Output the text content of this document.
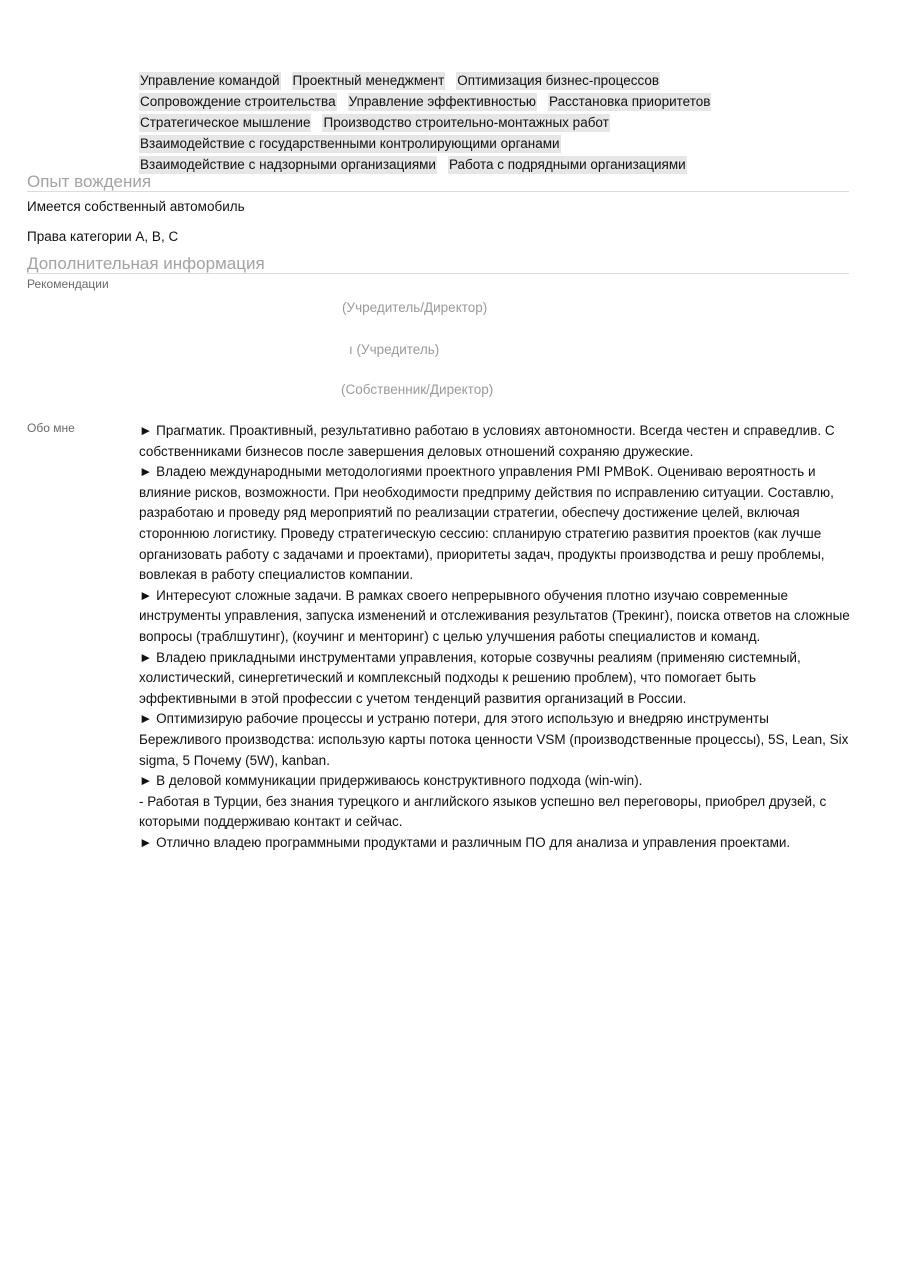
Управление командой Проектный менеджмент Оптимизация бизнес-процессов
Сопровождение строительства Управление эффективностью Расстановка приоритетов
Стратегическое мышление Производство строительно-монтажных работ
Взаимодействие с государственными контролирующими органами
Взаимодействие с надзорными организациями Работа с подрядными организациями
Опыт вождения
Имеется собственный автомобиль
Права категории A, B, C
Дополнительная информация
Рекомендации
(Учредитель/Директор)
ı (Учредитель)
(Собственник/Директор)
Обо мне	► Прагматик. Проактивный, результативно работаю в условиях автономности. Всегда честен и справедлив. С собственниками бизнесов после завершения деловых отношений сохраняю дружеские.

► Владею международными методологиями проектного управления PMI PMBoK. Оцениваю вероятность и влияние рисков, возможности. При необходимости предприму действия по исправлению ситуации. Составлю, разработаю и проведу ряд мероприятий по реализации стратегии, обеспечу достижение целей, включая стороннюю логистику. Проведу стратегическую сессию: спланирую стратегию развития проектов (как лучше организовать работу с задачами и проектами), приоритеты задач, продукты производства и решу проблемы, вовлекая в работу специалистов компании.

► Интересуют сложные задачи. В рамках своего непрерывного обучения плотно изучаю современные инструменты управления, запуска изменений и отслеживания результатов (Трекинг), поиска ответов на сложные вопросы (траблшутинг), (коучинг и менторинг) с целью улучшения работы специалистов и команд.

► Владею прикладными инструментами управления, которые созвучны реалиям (применяю системный, холистический, синергетический и комплексный подходы к решению проблем), что помогает быть эффективными в этой профессии с учетом тенденций развития организаций в России.

► Оптимизирую рабочие процессы и устраню потери, для этого использую и внедряю инструменты Бережливого производства: использую карты потока ценности VSM (производственные процессы), 5S, Lean, Six sigma, 5 Почему (5W), kanban.

► В деловой коммуникации придерживаюсь конструктивного подхода (win-win).

- Работая в Турции, без знания турецкого и английского языков успешно вел переговоры, приобрел друзей, с которыми поддерживаю контакт и сейчас.

► Отлично владею программными продуктами и различным ПО для анализа и управления проектами.
